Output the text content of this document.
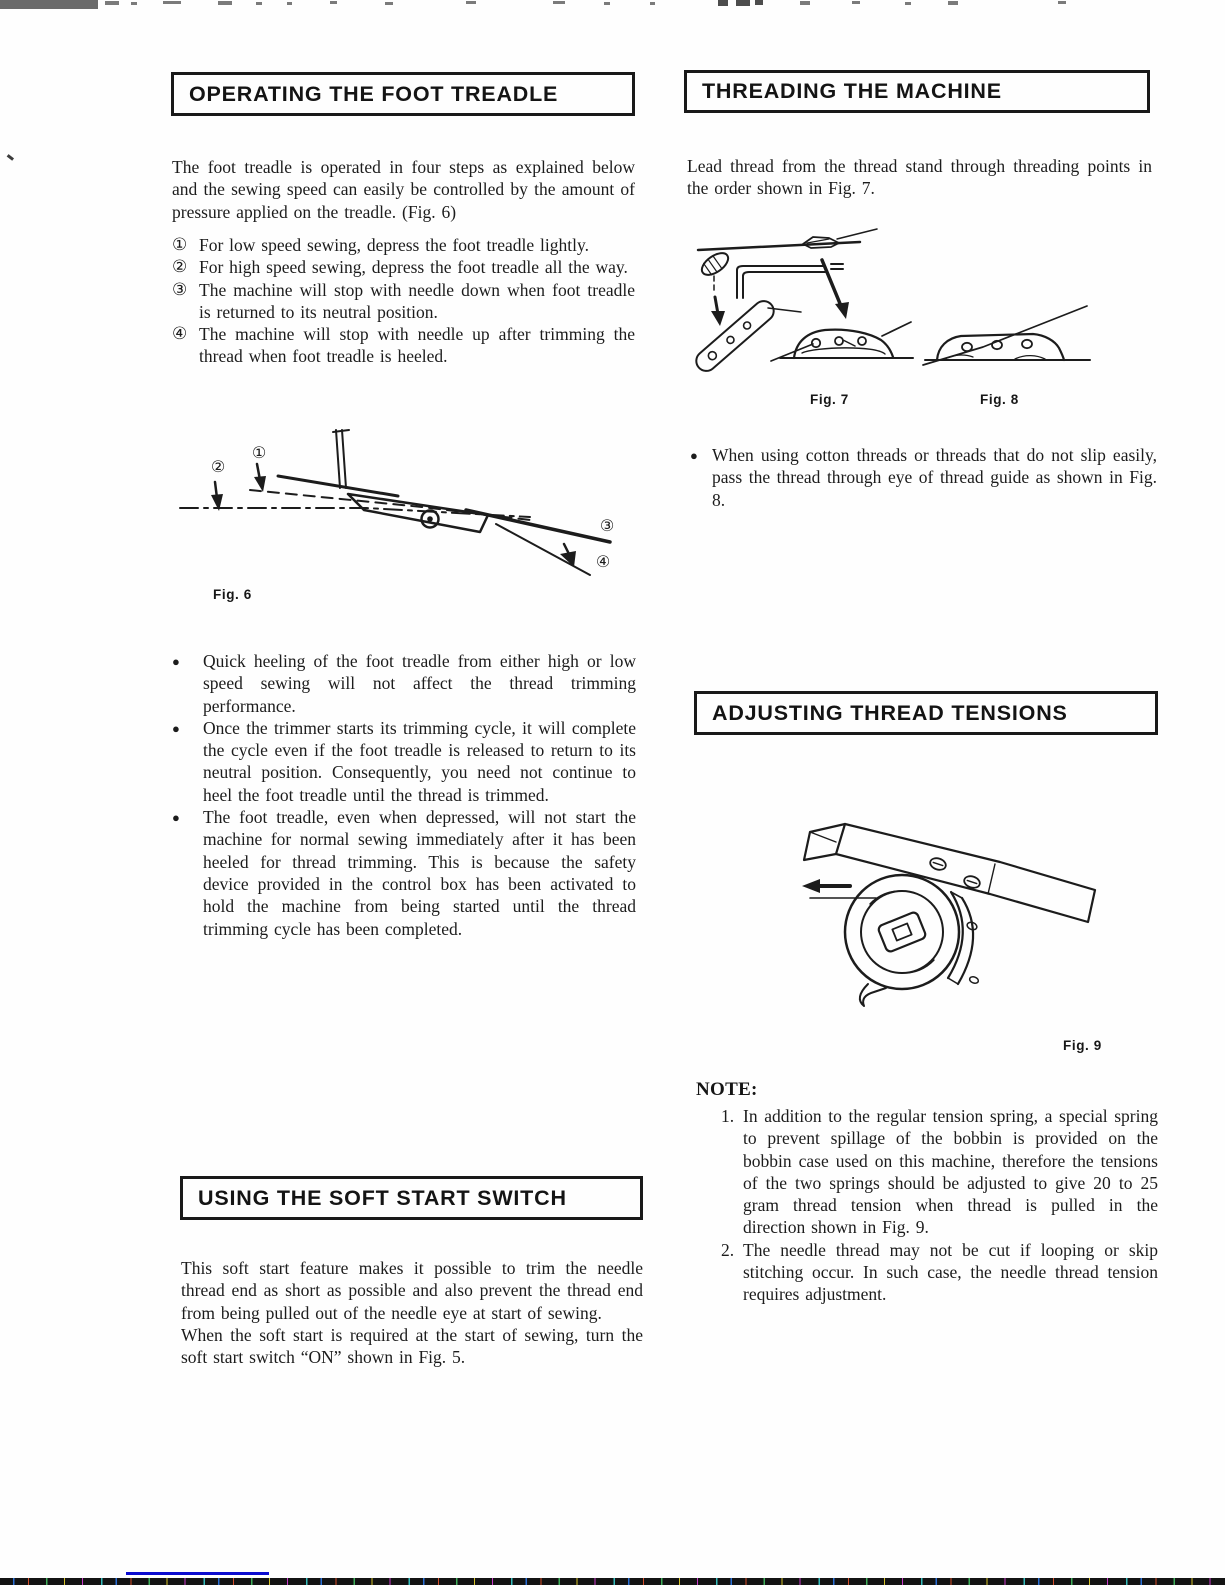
OPERATING THE FOOT TREADLE
The foot treadle is operated in four steps as explained below and the sewing speed can easily be controlled by the amount of pressure applied on the treadle. (Fig. 6)
① For low speed sewing, depress the foot treadle lightly.
② For high speed sewing, depress the foot treadle all the way.
③ The machine will stop with needle down when foot treadle is returned to its neutral position.
④ The machine will stop with needle up after trimming the thread when foot treadle is heeled.
②
①
③
④
Fig. 6
●	Quick heeling of the foot treadle from either high or low speed sewing will not affect the thread trimming performance.
●	Once the trimmer starts its trimming cycle, it will complete the cycle even if the foot treadle is released to return to its neutral position. Consequently, you need not continue to heel the foot treadle until the thread is trimmed.
●	The foot treadle, even when depressed, will not start the machine for normal sewing immediately after it has been heeled for thread trimming. This is because the safety device provided in the control box has been activated to hold the machine from being started until the thread trimming cycle has been completed.
USING THE SOFT START SWITCH

This soft start feature makes it possible to trim the needle thread end as short as possible and also prevent the thread end from being pulled out of the needle eye at start of sewing.

When the soft start is required at the start of sewing, turn the soft start switch “ON” shown in Fig. 5.

THREADING THE MACHINE
Lead thread from the thread stand through threading points in the order shown in Fig. 7.
Fig. 7	Fig. 8
● When using cotton threads or threads that do not slip easily, pass the thread through eye of thread guide as shown in Fig. 8.
ADJUSTING THREAD TENSIONS
Fig. 9
NOTE:
1. In addition to the regular tension spring, a special spring to prevent spillage of the bobbin is provided on the bobbin case used on this machine, therefore the tensions of the two springs should be adjusted to give 20 to 25 gram thread tension when thread is pulled in the direction shown in Fig. 9.
2. The needle thread may not be cut if looping or skip stitching occur. In such case, the needle thread tension requires adjustment.
